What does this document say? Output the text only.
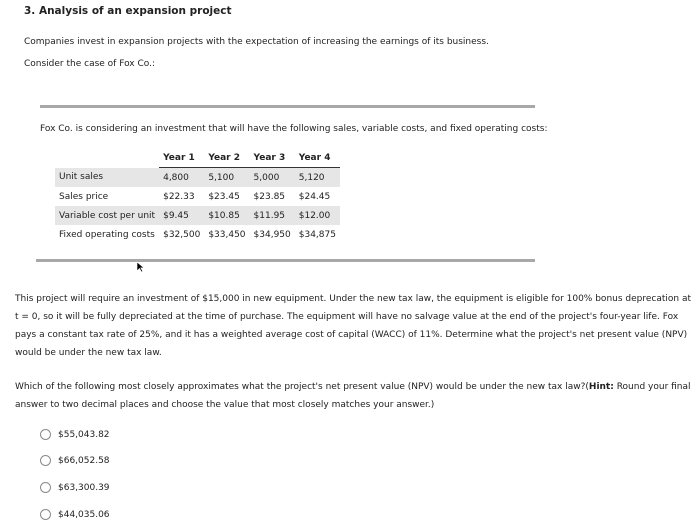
3. Analysis of an expansion project
Companies invest in expansion projects with the expectation of increasing the earnings of its business.
Consider the case of Fox Co.:
Fox Co. is considering an investment that will have the following sales, variable costs, and fixed operating costs:
	Year 1	Year 2	Year 3	Year 4
Unit sales	4,800	5,100	5,000	5,120
Sales price	$22.33	$23.45	$23.85	$24.45
Variable cost per unit	$9.45	$10.85	$11.95	$12.00
Fixed operating costs	$32,500	$33,450	$34,950	$34,875
This project will require an investment of $15,000 in new equipment. Under the new tax law, the equipment is eligible for 100% bonus deprecation at t = 0, so it will be fully depreciated at the time of purchase. The equipment will have no salvage value at the end of the project's four-year life. Fox pays a constant tax rate of 25%, and it has a weighted average cost of capital (WACC) of 11%. Determine what the project's net present value (NPV) would be under the new tax law.
Which of the following most closely approximates what the project's net present value (NPV) would be under the new tax law?(Hint: Round your final answer to two decimal places and choose the value that most closely matches your answer.)
$55,043.82
$66,052.58
$63,300.39
$44,035.06
